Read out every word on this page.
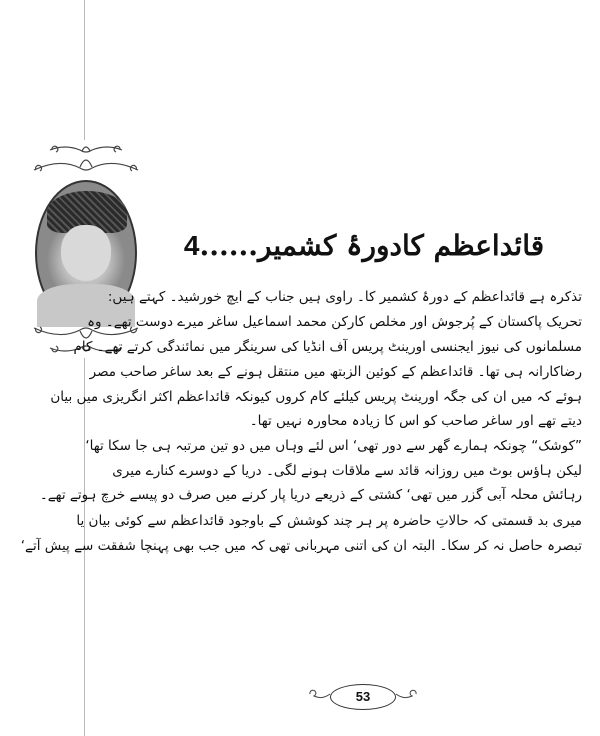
قائداعظم کادورۂ کشمیر......4
تذکرہ ہے قائداعظم کے دورۂ کشمیر کا۔ راوی ہیں جناب کے ایچ خورشید۔ کہتے ہیں:
تحریک پاکستان کے پُرجوش اور مخلص کارکن محمد اسماعیل ساغر میرے دوست تھے۔ وہ
مسلمانوں کی نیوز ایجنسی اورینٹ پریس آف انڈیا کی سرینگر میں نمائندگی کرتے تھے۔ کام
رضاکارانہ ہی تھا۔ قائداعظم کے کوئین الزبتھ میں منتقل ہونے کے بعد ساغر صاحب مصر
ہوئے کہ میں ان کی جگہ اورینٹ پریس کیلئے کام کروں کیونکہ قائداعظم اکثر انگریزی میں بیان
دیتے تھے اور ساغر صاحب کو اس کا زیادہ محاورہ نہیں تھا۔
”کوشک“ چونکہ ہمارے گھر سے دور تھی‘ اس لئے وہاں میں دو تین مرتبہ ہی جا سکا تھا‘
لیکن ہاؤس بوٹ میں روزانہ قائد سے ملاقات ہونے لگی۔ دریا کے دوسرے کنارے میری
رہائش محلہ آبی گزر میں تھی‘ کشتی کے ذریعے دریا پار کرنے میں صرف دو پیسے خرچ ہوتے تھے۔
میری بد قسمتی کہ حالاتِ حاضرہ پر ہر چند کوشش کے باوجود قائداعظم سے کوئی بیان یا
تبصرہ حاصل نہ کر سکا۔ البتہ ان کی اتنی مہربانی تھی کہ میں جب بھی پہنچا شفقت سے پیش آتے‘
53
